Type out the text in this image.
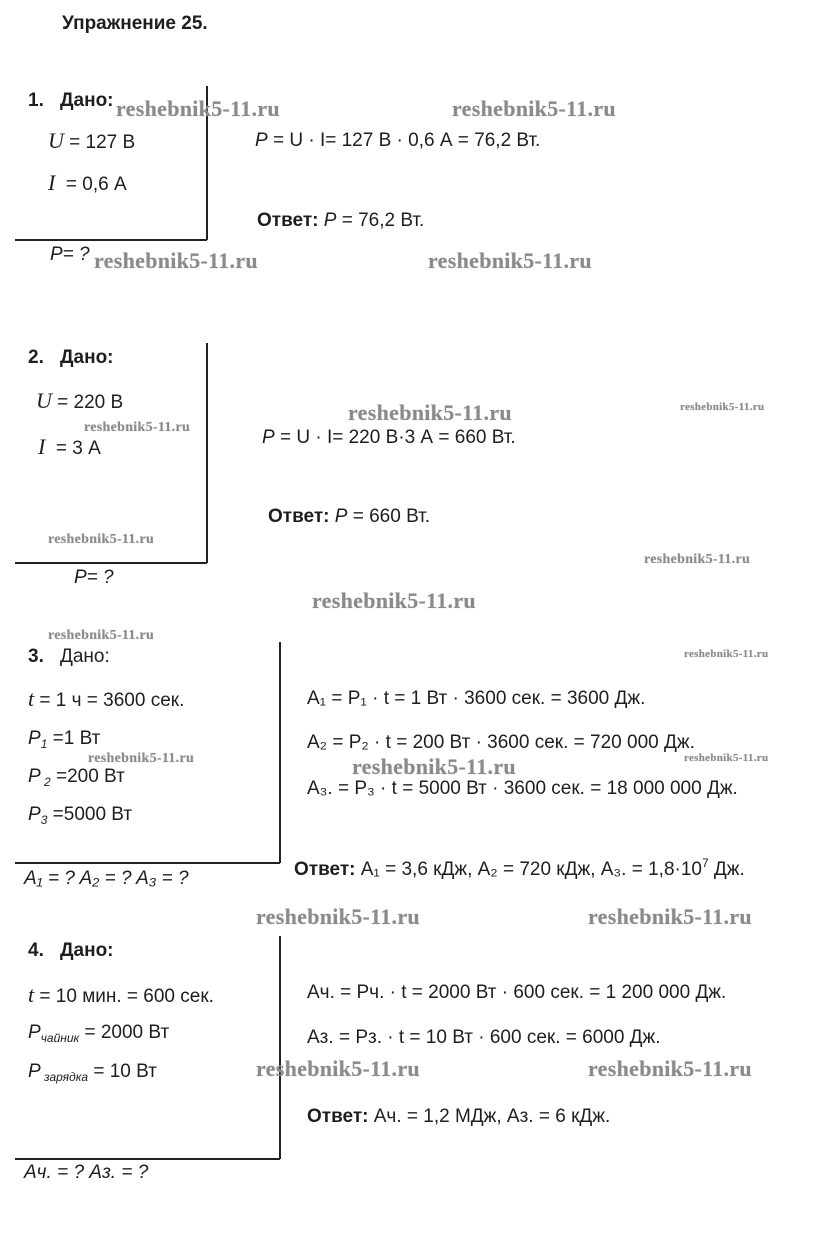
Упражнение 25.
1. Дано:
U = 127 В
I = 0,6 А
P= ?
P = U · I= 127 В · 0,6 А = 76,2 Вт.
Ответ: P = 76,2 Вт.
2. Дано:
U = 220 В
I = 3 А
P= ?
P = U · I= 220 В·3 А = 660 Вт.
Ответ: P = 660 Вт.
3. Дано:
t = 1 ч = 3600 сек.
$P_1 =1$ Вт
P $_2$ =200 Вт
$P_3 =5000$ Вт
A₁ = ? A₂ = ? A₃ = ?
A₁ = P₁ · t = 1 Вт · 3600 сек. = 3600 Дж.
A₂ = P₂ · t = 200 Вт · 3600 сек. = 720 000 Дж.
A₃. = P₃ · t = 5000 Вт · 3600 сек. = 18 000 000 Дж.
Ответ: A₁ = 3,6 кДж, A₂ = 720 кДж, A₃. = $1,8\cdot 10^7$ Дж.
4. Дано:
t = 10 мин. = 600 сек.
$P_{чайник} = 2000$ Вт
P $_{зарядка}$ = 10 Вт
Aч. = ? Aз. = ?
Aч. = Pч. · t = 2000 Вт · 600 сек. = 1 200 000 Дж.
Aз. = Pз. · t = 10 Вт · 600 сек. = 6000 Дж.
Ответ: Aч. = 1,2 МДж, Aз. = 6 кДж.
reshebnik5-11.ru	reshebnik5-11.ru
reshebnik5-11.ru	reshebnik5-11.ru
reshebnik5-11.ru	reshebnik5-11.ru
reshebnik5-11.ru
reshebnik5-11.ru
reshebnik5-11.ru
reshebnik5-11.ru
reshebnik5-11.ru
reshebnik5-11.ru
reshebnik5-11.ru	reshebnik5-11.ru
reshebnik5-11.ru
reshebnik5-11.ru	reshebnik5-11.ru
reshebnik5-11.ru	reshebnik5-11.ru
